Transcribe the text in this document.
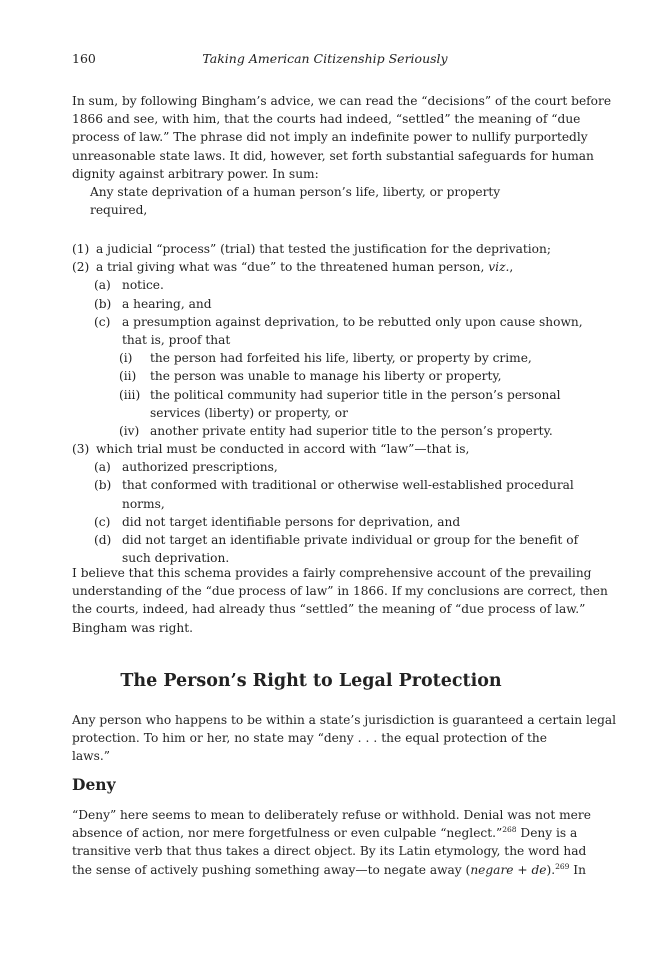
160	Taking American Citizenship Seriously
In sum, by following Bingham’s advice, we can read the “decisions” of the court before
1866 and see, with him, that the courts had indeed, “settled” the meaning of “due
process of law.” The phrase did not imply an indefinite power to nullify purportedly
unreasonable state laws. It did, however, set forth substantial safeguards for human
dignity against arbitrary power. In sum:

Any state deprivation of a human person’s life, liberty, or property required,

(1) a judicial “process” (trial) that tested the justification for the deprivation;
(2) a trial giving what was “due” to the threatened human person, viz.,
(a) notice.
(b) a hearing, and
(c) a presumption against deprivation, to be rebutted only upon cause shown,
that is, proof that
(i) the person had forfeited his life, liberty, or property by crime,
(ii) the person was unable to manage his liberty or property,
(iii) the political community had superior title in the person’s personal
services (liberty) or property, or
(iv) another private entity had superior title to the person’s property.
(3) which trial must be conducted in accord with “law”—that is,
(a) authorized prescriptions,
(b) that conformed with traditional or otherwise well-established procedural
norms,
(c) did not target identifiable persons for deprivation, and
(d) did not target an identifiable private individual or group for the benefit of
such deprivation.
I believe that this schema provides a fairly comprehensive account of the prevailing
understanding of the “due process of law” in 1866. If my conclusions are correct, then
the courts, indeed, had already thus “settled” the meaning of “due process of law.”
Bingham was right.
The Person’s Right to Legal Protection
Any person who happens to be within a state’s jurisdiction is guaranteed a certain legal
protection. To him or her, no state may “deny . . . the equal protection of the laws.”
Deny
“Deny” here seems to mean to deliberately refuse or withhold. Denial was not mere
absence of action, nor mere forgetfulness or even culpable “neglect.”$^{268}$ Deny is a
transitive verb that thus takes a direct object. By its Latin etymology, the word had
the sense of actively pushing something away—to negate away (negare + de).$^{269}$ In
